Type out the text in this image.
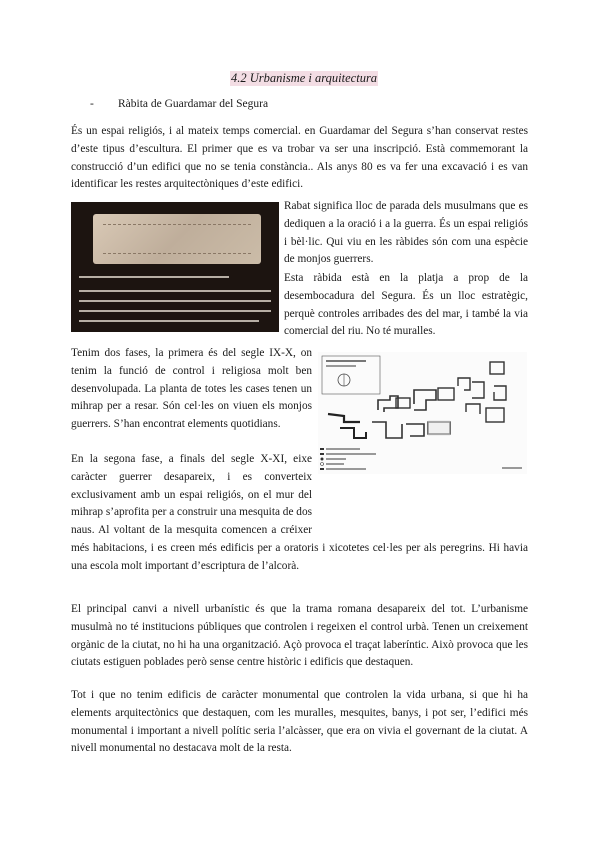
4.2 Urbanisme i arquitectura
- Ràbita de Guardamar del Segura

És un espai religiós, i al mateix temps comercial. en Guardamar del Segura s’han conservat restes d’este tipus d’escultura. El primer que es va trobar va ser una inscripció. Està commemorant la construcció d’un edifici que no se tenia constància.. Als anys 80 es va fer una excavació i es van identificar les restes arquitectòniques d’este edifici.

Rabat significa lloc de parada dels musulmans que es dediquen a la oració i a la guerra. És un espai religiós i bèl·lic. Qui viu en les ràbides són com una espècie de monjos guerrers.

Esta ràbida està en la platja a prop de la desembocadura del Segura. És un lloc estratègic, perquè controles arribades des del mar, i també la via comercial del riu. No té muralles.

Tenim dos fases, la primera és del segle IX-X, on tenim la funció de control i religiosa molt ben desenvolupada. La planta de totes les cases tenen un mihrap per a resar. Són cel·les on viuen els monjos guerrers. S’han encontrat elements quotidians.

En la segona fase, a finals del segle X-XI, eixe caràcter guerrer desapareix, i es converteix exclusivament amb un espai religiós, on el mur del mihrap s’aprofita per a construir una mesquita de dos naus. Al voltant de la mesquita comencen a créixer més habitacions, i es creen més edificis per a oratoris i xicotetes cel·les per als peregrins. Hi havia una escola molt important d’escriptura de l’alcorà.

El principal canvi a nivell urbanístic és que la trama romana desapareix del tot. L’urbanisme musulmà no té institucions públiques que controlen i regeixen el control urbà. Tenen un creixement orgànic de la ciutat, no hi ha una organització. Açò provoca el traçat laberíntic. Això provoca que les ciutats estiguen poblades però sense centre històric i edificis que destaquen.

Tot i que no tenim edificis de caràcter monumental que controlen la vida urbana, si que hi ha elements arquitectònics que destaquen, com les muralles, mesquites, banys, i pot ser, l’edifici més monumental i important a nivell polític seria l’alcàsser, que era on vivia el governant de la ciutat. A nivell monumental no destacava molt de la resta.
